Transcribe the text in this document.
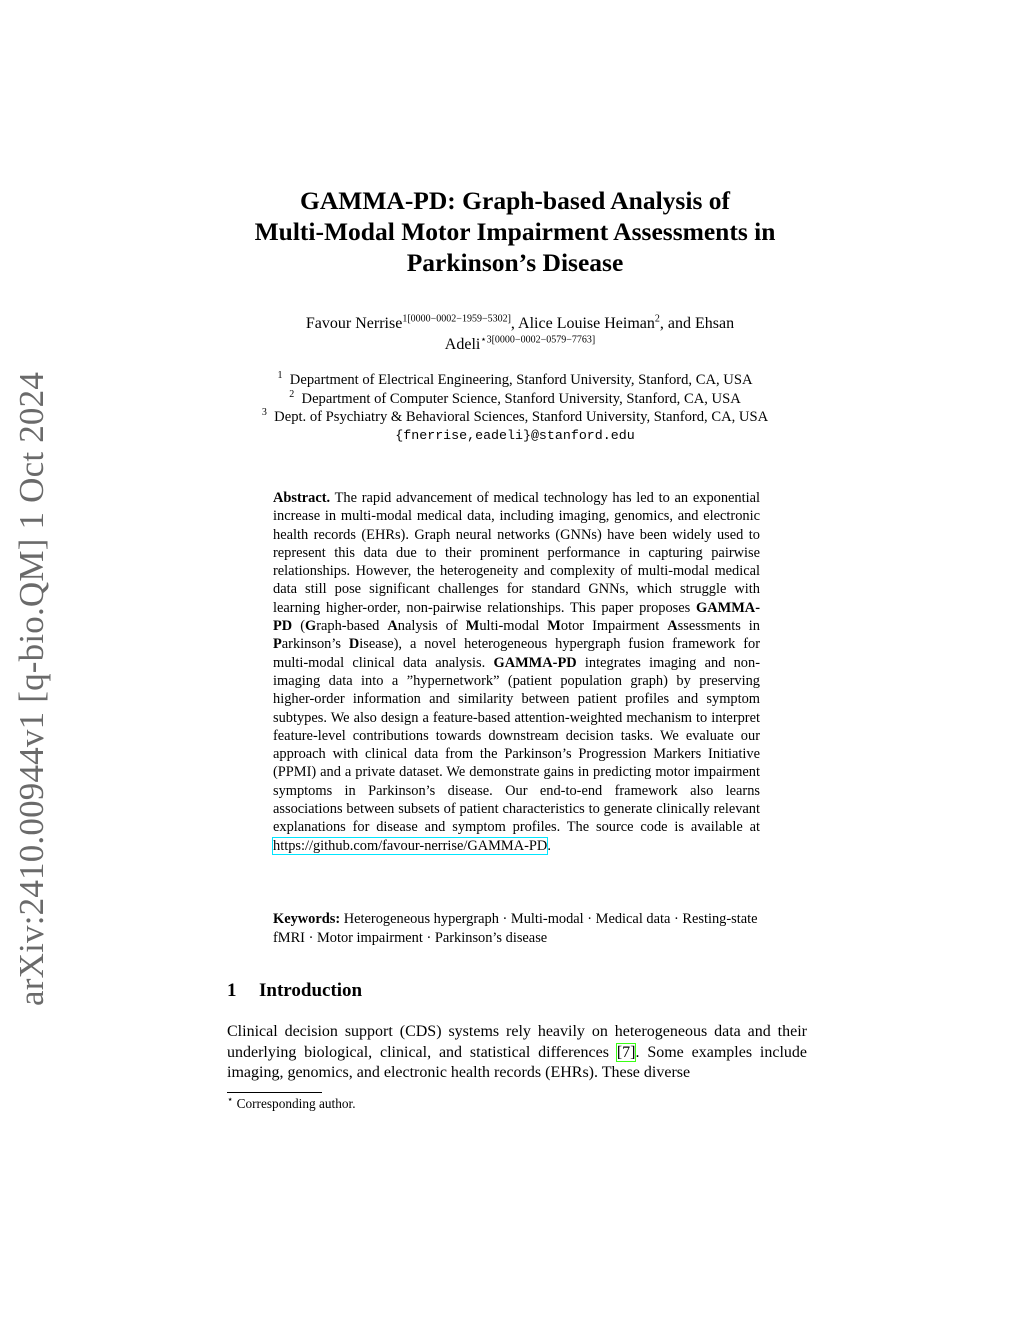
arXiv:2410.00944v1 [q-bio.QM] 1 Oct 2024
GAMMA-PD: Graph-based Analysis of
Multi-Modal Motor Impairment Assessments in
Parkinson’s Disease
Favour Nerrise$^{1[0000-0002-1959-5302]}$, Alice Louise Heiman$^2$, and Ehsan
Adeli$^{⋆3[0000-0002-0579-7763]}$
$^1$ Department of Electrical Engineering, Stanford University, Stanford, CA, USA
$^2$ Department of Computer Science, Stanford University, Stanford, CA, USA
$^3$ Dept. of Psychiatry & Behavioral Sciences, Stanford University, Stanford, CA, USA
{fnerrise,eadeli}@stanford.edu
Abstract. The rapid advancement of medical technology has led to an exponential increase in multi-modal medical data, including imaging, genomics, and electronic health records (EHRs). Graph neural networks (GNNs) have been widely used to represent this data due to their prominent performance in capturing pairwise relationships. However, the heterogeneity and complexity of multi-modal medical data still pose significant challenges for standard GNNs, which struggle with learning higher-order, non-pairwise relationships. This paper proposes GAMMA-PD (Graph-based Analysis of Multi-modal Motor Impairment Assessments in Parkinson’s Disease), a novel heterogeneous hypergraph fusion framework for multi-modal clinical data analysis. GAMMA-PD integrates imaging and non-imaging data into a ”hypernetwork” (patient population graph) by preserving higher-order information and similarity between patient profiles and symptom subtypes. We also design a feature-based attention-weighted mechanism to interpret feature-level contributions towards downstream decision tasks. We evaluate our approach with clinical data from the Parkinson’s Progression Markers Initiative (PPMI) and a private dataset. We demonstrate gains in predicting motor impairment symptoms in Parkinson’s disease. Our end-to-end framework also learns associations between subsets of patient characteristics to generate clinically relevant explanations for disease and symptom profiles. The source code is available at https://github.com/favour-nerrise/GAMMA-PD.
Keywords: Heterogeneous hypergraph · Multi-modal · Medical data · Resting-state fMRI · Motor impairment · Parkinson’s disease
1 Introduction
Clinical decision support (CDS) systems rely heavily on heterogeneous data and their underlying biological, clinical, and statistical differences [7]. Some examples include imaging, genomics, and electronic health records (EHRs). These diverse
⋆ Corresponding author.
